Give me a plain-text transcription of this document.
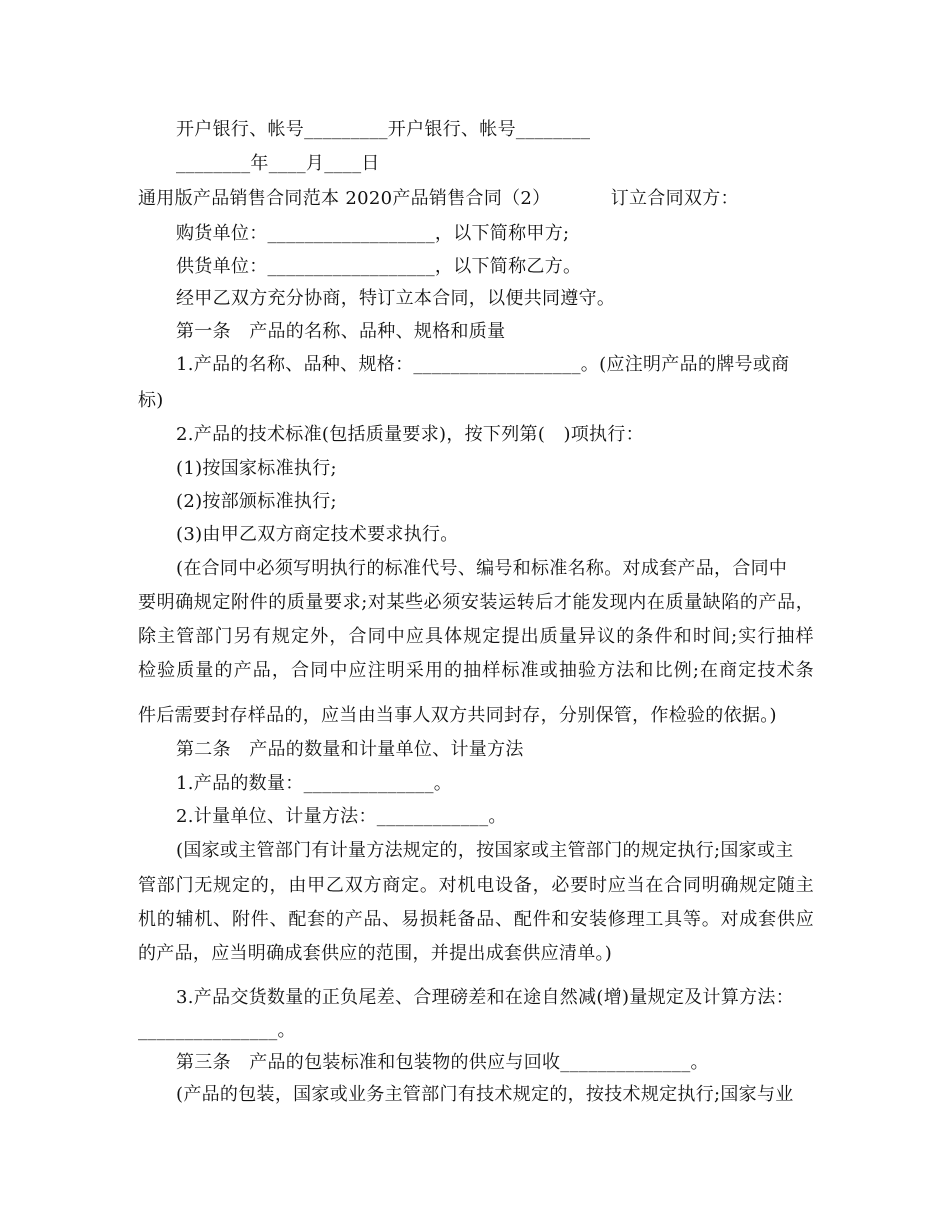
开户银行、帐号_________开户银行、帐号________
________年____月____日
通用版产品销售合同范本 2020产品销售合同（2）          订立合同双方：
购货单位：__________________，以下简称甲方;
供货单位：__________________，以下简称乙方。
经甲乙双方充分协商，特订立本合同，以便共同遵守。
第一条　产品的名称、品种、规格和质量
1.产品的名称、品种、规格：__________________。(应注明产品的牌号或商
标)
2.产品的技术标准(包括质量要求)，按下列第(　)项执行：
(1)按国家标准执行;
(2)按部颁标准执行;
(3)由甲乙双方商定技术要求执行。
(在合同中必须写明执行的标准代号、编号和标准名称。对成套产品，合同中
要明确规定附件的质量要求;对某些必须安装运转后才能发现内在质量缺陷的产品，
除主管部门另有规定外，合同中应具体规定提出质量异议的条件和时间;实行抽样
检验质量的产品，合同中应注明采用的抽样标准或抽验方法和比例;在商定技术条
件后需要封存样品的，应当由当事人双方共同封存，分别保管，作检验的依据。)
第二条　产品的数量和计量单位、计量方法
1.产品的数量：______________。
2.计量单位、计量方法：____________。
(国家或主管部门有计量方法规定的，按国家或主管部门的规定执行;国家或主
管部门无规定的，由甲乙双方商定。对机电设备，必要时应当在合同明确规定随主
机的辅机、附件、配套的产品、易损耗备品、配件和安装修理工具等。对成套供应
的产品，应当明确成套供应的范围，并提出成套供应清单。)
3.产品交货数量的正负尾差、合理磅差和在途自然减(增)量规定及计算方法：
_______________。
第三条　产品的包装标准和包装物的供应与回收______________。
(产品的包装，国家或业务主管部门有技术规定的，按技术规定执行;国家与业
